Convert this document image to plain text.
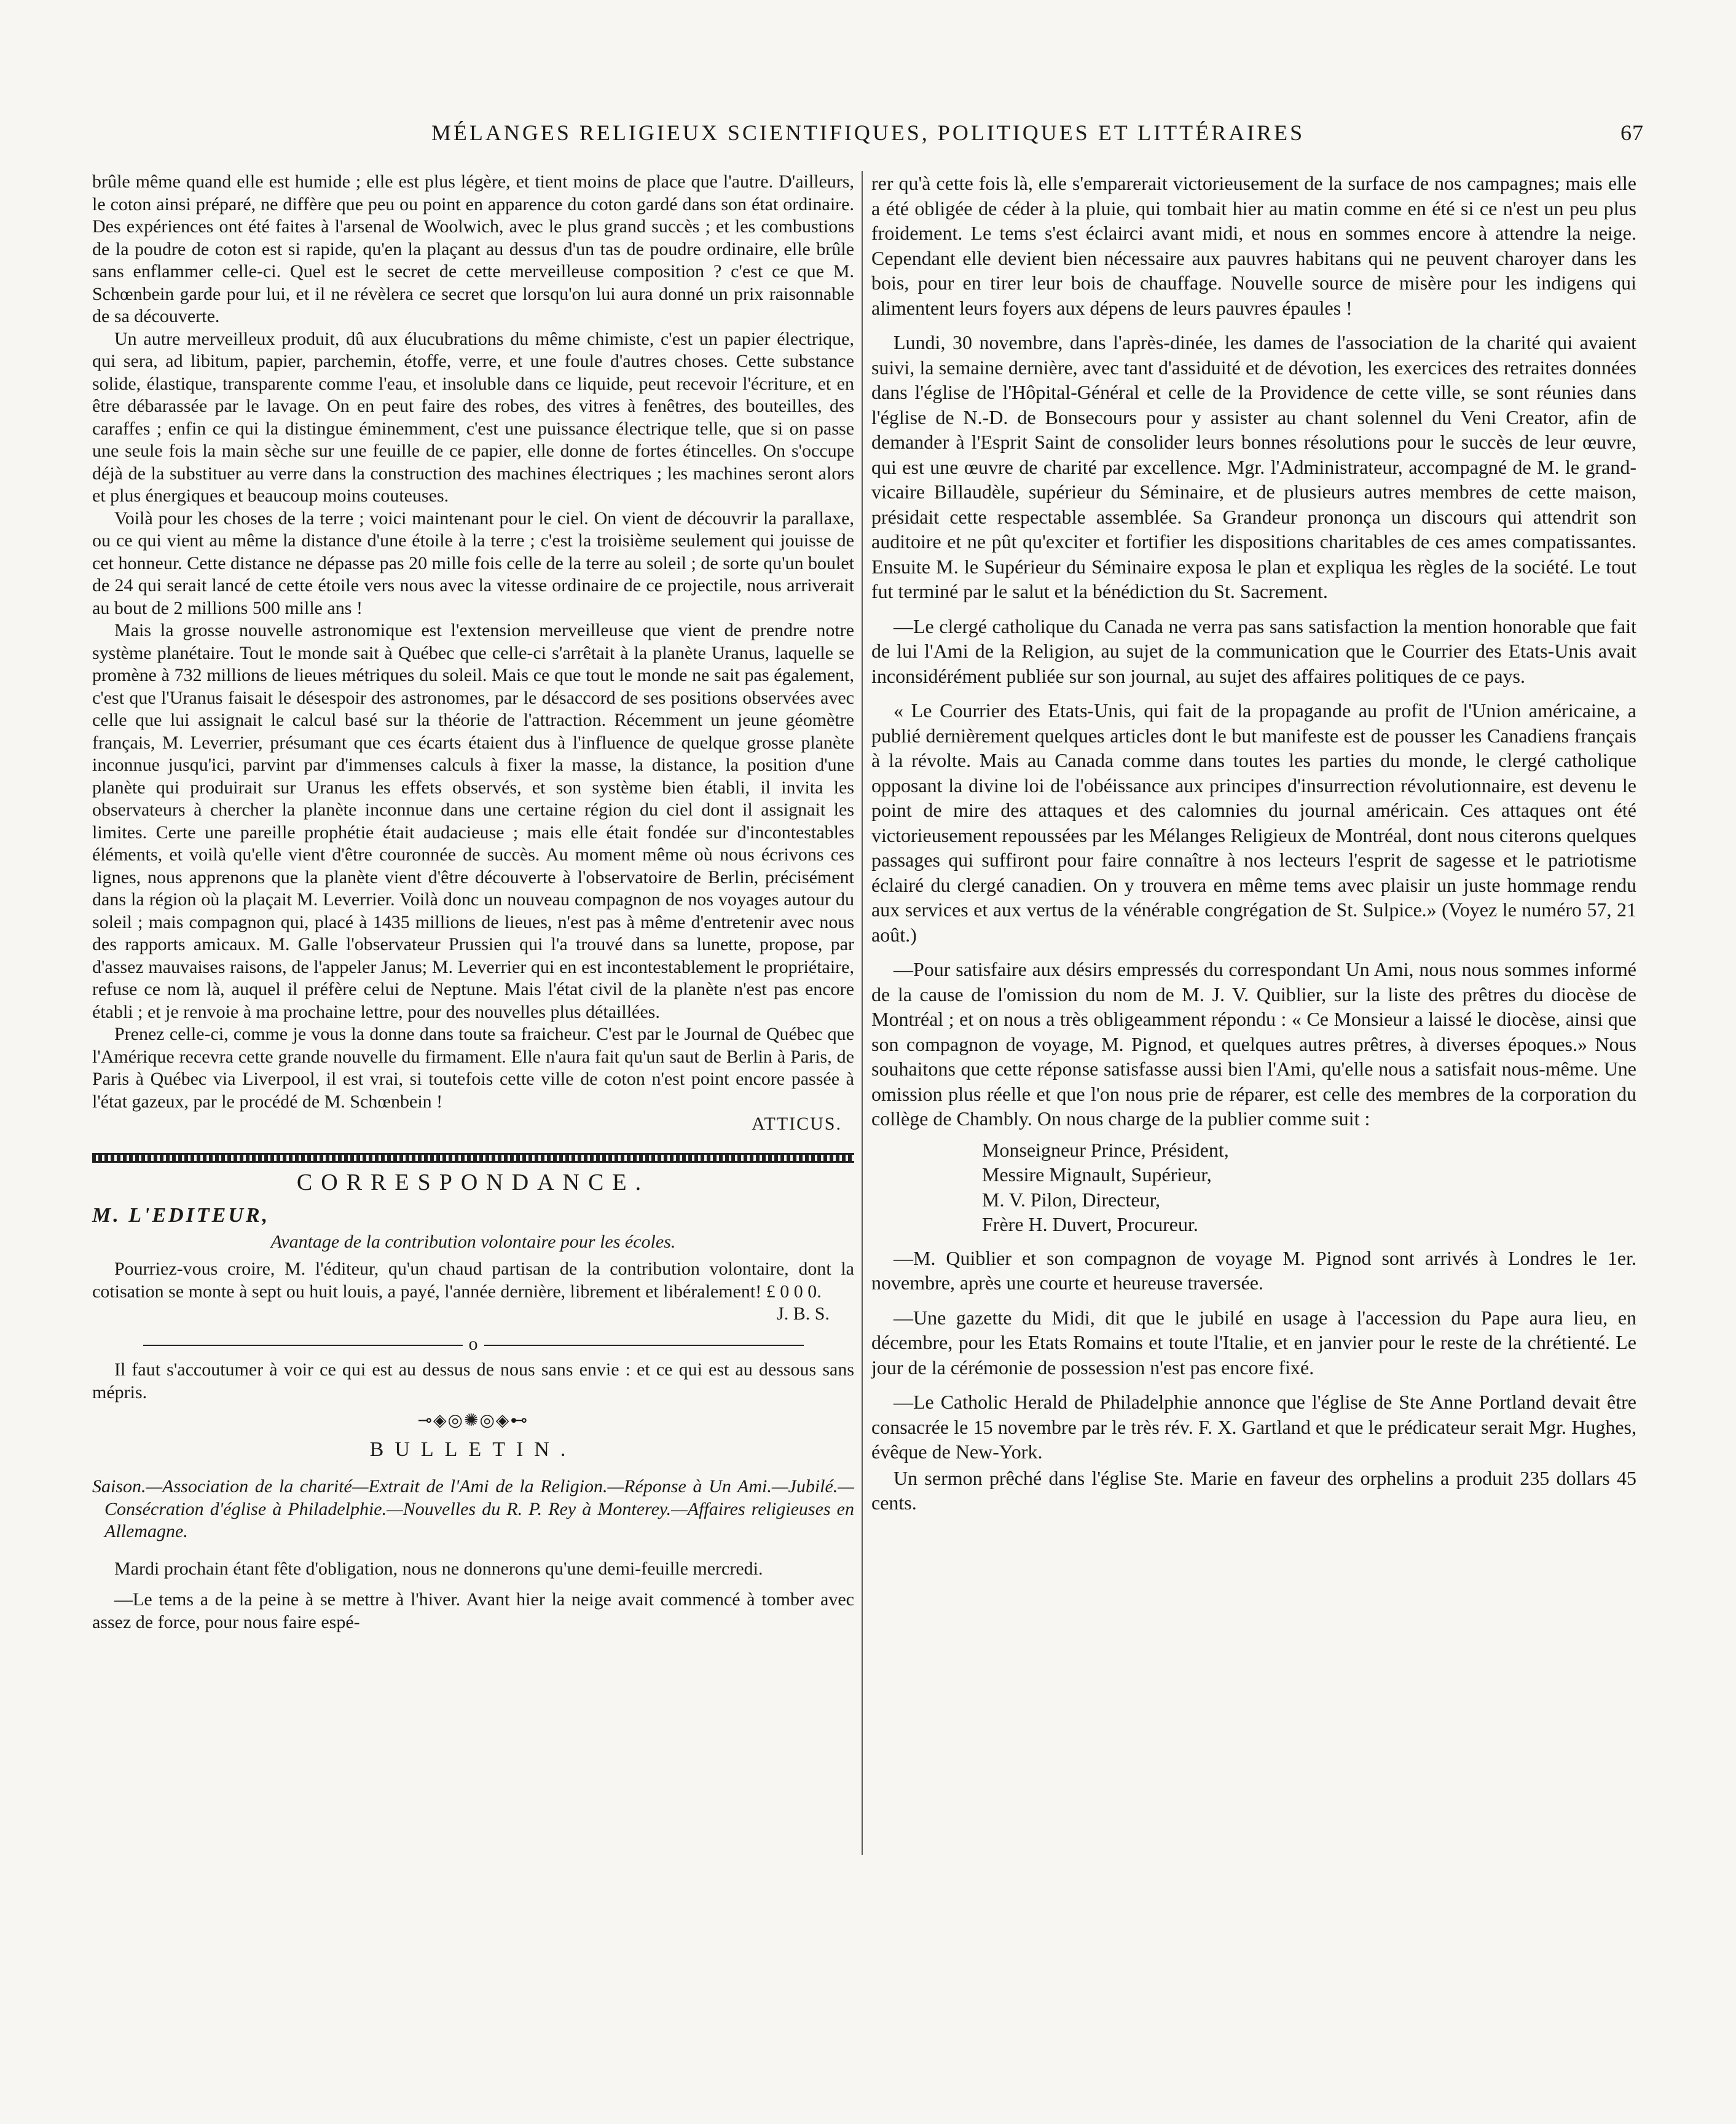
MÉLANGES RELIGIEUX SCIENTIFIQUES, POLITIQUES ET LITTÉRAIRES	67

brûle même quand elle est humide ; elle est plus légère, et tient moins de place que l'autre. D'ailleurs, le coton ainsi préparé, ne diffère que peu ou point en apparence du coton gardé dans son état ordinaire. Des expériences ont été faites à l'arsenal de Woolwich, avec le plus grand succès ; et les combustions de la poudre de coton est si rapide, qu'en la plaçant au dessus d'un tas de poudre ordinaire, elle brûle sans enflammer celle-ci. Quel est le secret de cette merveilleuse composition ? c'est ce que M. Schœnbein garde pour lui, et il ne révèlera ce secret que lorsqu'on lui aura donné un prix raisonnable de sa découverte.

Un autre merveilleux produit, dû aux élucubrations du même chimiste, c'est un papier électrique, qui sera, ad libitum, papier, parchemin, étoffe, verre, et une foule d'autres choses. Cette substance solide, élastique, transparente comme l'eau, et insoluble dans ce liquide, peut recevoir l'écriture, et en être débarassée par le lavage. On en peut faire des robes, des vitres à fenêtres, des bouteilles, des caraffes ; enfin ce qui la distingue éminemment, c'est une puissance électrique telle, que si on passe une seule fois la main sèche sur une feuille de ce papier, elle donne de fortes étincelles. On s'occupe déjà de la substituer au verre dans la construction des machines électriques ; les machines seront alors et plus énergiques et beaucoup moins couteuses.

Voilà pour les choses de la terre ; voici maintenant pour le ciel. On vient de découvrir la parallaxe, ou ce qui vient au même la distance d'une étoile à la terre ; c'est la troisième seulement qui jouisse de cet honneur. Cette distance ne dépasse pas 20 mille fois celle de la terre au soleil ; de sorte qu'un boulet de 24 qui serait lancé de cette étoile vers nous avec la vitesse ordinaire de ce projectile, nous arriverait au bout de 2 millions 500 mille ans !

Mais la grosse nouvelle astronomique est l'extension merveilleuse que vient de prendre notre système planétaire. Tout le monde sait à Québec que celle-ci s'arrêtait à la planète Uranus, laquelle se promène à 732 millions de lieues métriques du soleil. Mais ce que tout le monde ne sait pas également, c'est que l'Uranus faisait le désespoir des astronomes, par le désaccord de ses positions observées avec celle que lui assignait le calcul basé sur la théorie de l'attraction. Récemment un jeune géomètre français, M. Leverrier, présumant que ces écarts étaient dus à l'influence de quelque grosse planète inconnue jusqu'ici, parvint par d'immenses calculs à fixer la masse, la distance, la position d'une planète qui produirait sur Uranus les effets observés, et son système bien établi, il invita les observateurs à chercher la planète inconnue dans une certaine région du ciel dont il assignait les limites. Certe une pareille prophétie était audacieuse ; mais elle était fondée sur d'incontestables éléments, et voilà qu'elle vient d'être couronnée de succès. Au moment même où nous écrivons ces lignes, nous apprenons que la planète vient d'être découverte à l'observatoire de Berlin, précisément dans la région où la plaçait M. Leverrier. Voilà donc un nouveau compagnon de nos voyages autour du soleil ; mais compagnon qui, placé à 1435 millions de lieues, n'est pas à même d'entretenir avec nous des rapports amicaux. M. Galle l'observateur Prussien qui l'a trouvé dans sa lunette, propose, par d'assez mauvaises raisons, de l'appeler Janus; M. Leverrier qui en est incontestablement le propriétaire, refuse ce nom là, auquel il préfère celui de Neptune. Mais l'état civil de la planète n'est pas encore établi ; et je renvoie à ma prochaine lettre, pour des nouvelles plus détaillées.

Prenez celle-ci, comme je vous la donne dans toute sa fraicheur. C'est par le Journal de Québec que l'Amérique recevra cette grande nouvelle du firmament. Elle n'aura fait qu'un saut de Berlin à Paris, de Paris à Québec via Liverpool, il est vrai, si toutefois cette ville de coton n'est point encore passée à l'état gazeux, par le procédé de M. Schœnbein !

ATTICUS.
CORRESPONDANCE.
M. L'EDITEUR,
Avantage de la contribution volontaire pour les écoles.

Pourriez-vous croire, M. l'éditeur, qu'un chaud partisan de la contribution volontaire, dont la cotisation se monte à sept ou huit louis, a payé, l'année dernière, librement et libéralement! £ 0 0 0.

J. B. S.
o

Il faut s'accoutumer à voir ce qui est au dessus de nous sans envie : et ce qui est au dessous sans mépris.

⊸◈◎✺◎◈⊷
BULLETIN.
Saison.—Association de la charité—Extrait de l'Ami de la Religion.—Réponse à Un Ami.—Jubilé.—Consécration d'église à Philadelphie.—Nouvelles du R. P. Rey à Monterey.—Affaires religieuses en Allemagne.

Mardi prochain étant fête d'obligation, nous ne donnerons qu'une demi-feuille mercredi.

—Le tems a de la peine à se mettre à l'hiver. Avant hier la neige avait commencé à tomber avec assez de force, pour nous faire espé-

rer qu'à cette fois là, elle s'emparerait victorieusement de la surface de nos campagnes; mais elle a été obligée de céder à la pluie, qui tombait hier au matin comme en été si ce n'est un peu plus froidement. Le tems s'est éclairci avant midi, et nous en sommes encore à attendre la neige. Cependant elle devient bien nécessaire aux pauvres habitans qui ne peuvent charoyer dans les bois, pour en tirer leur bois de chauffage. Nouvelle source de misère pour les indigens qui alimentent leurs foyers aux dépens de leurs pauvres épaules !

Lundi, 30 novembre, dans l'après-dinée, les dames de l'association de la charité qui avaient suivi, la semaine dernière, avec tant d'assiduité et de dévotion, les exercices des retraites données dans l'église de l'Hôpital-Général et celle de la Providence de cette ville, se sont réunies dans l'église de N.-D. de Bonsecours pour y assister au chant solennel du Veni Creator, afin de demander à l'Esprit Saint de consolider leurs bonnes résolutions pour le succès de leur œuvre, qui est une œuvre de charité par excellence. Mgr. l'Administrateur, accompagné de M. le grand-vicaire Billaudèle, supérieur du Séminaire, et de plusieurs autres membres de cette maison, présidait cette respectable assemblée. Sa Grandeur prononça un discours qui attendrit son auditoire et ne pût qu'exciter et fortifier les dispositions charitables de ces ames compatissantes. Ensuite M. le Supérieur du Séminaire exposa le plan et expliqua les règles de la société. Le tout fut terminé par le salut et la bénédiction du St. Sacrement.

—Le clergé catholique du Canada ne verra pas sans satisfaction la mention honorable que fait de lui l'Ami de la Religion, au sujet de la communication que le Courrier des Etats-Unis avait inconsidérément publiée sur son journal, au sujet des affaires politiques de ce pays.

« Le Courrier des Etats-Unis, qui fait de la propagande au profit de l'Union américaine, a publié dernièrement quelques articles dont le but manifeste est de pousser les Canadiens français à la révolte. Mais au Canada comme dans toutes les parties du monde, le clergé catholique opposant la divine loi de l'obéissance aux principes d'insurrection révolutionnaire, est devenu le point de mire des attaques et des calomnies du journal américain. Ces attaques ont été victorieusement repoussées par les Mélanges Religieux de Montréal, dont nous citerons quelques passages qui suffiront pour faire connaître à nos lecteurs l'esprit de sagesse et le patriotisme éclairé du clergé canadien. On y trouvera en même tems avec plaisir un juste hommage rendu aux services et aux vertus de la vénérable congrégation de St. Sulpice.» (Voyez le numéro 57, 21 août.)

—Pour satisfaire aux désirs empressés du correspondant Un Ami, nous nous sommes informé de la cause de l'omission du nom de M. J. V. Quiblier, sur la liste des prêtres du diocèse de Montréal ; et on nous a très obligeamment répondu : « Ce Monsieur a laissé le diocèse, ainsi que son compagnon de voyage, M. Pignod, et quelques autres prêtres, à diverses époques.» Nous souhaitons que cette réponse satisfasse aussi bien l'Ami, qu'elle nous a satisfait nous-même. Une omission plus réelle et que l'on nous prie de réparer, est celle des membres de la corporation du collège de Chambly. On nous charge de la publier comme suit :

Monseigneur Prince, Président,
Messire Mignault, Supérieur,
M. V. Pilon, Directeur,
Frère H. Duvert, Procureur.

—M. Quiblier et son compagnon de voyage M. Pignod sont arrivés à Londres le 1er. novembre, après une courte et heureuse traversée.

—Une gazette du Midi, dit que le jubilé en usage à l'accession du Pape aura lieu, en décembre, pour les Etats Romains et toute l'Italie, et en janvier pour le reste de la chrétienté. Le jour de la cérémonie de possession n'est pas encore fixé.

—Le Catholic Herald de Philadelphie annonce que l'église de Ste Anne Portland devait être consacrée le 15 novembre par le très rév. F. X. Gartland et que le prédicateur serait Mgr. Hughes, évêque de New-York.

Un sermon prêché dans l'église Ste. Marie en faveur des orphelins a produit 235 dollars 45 cents.
